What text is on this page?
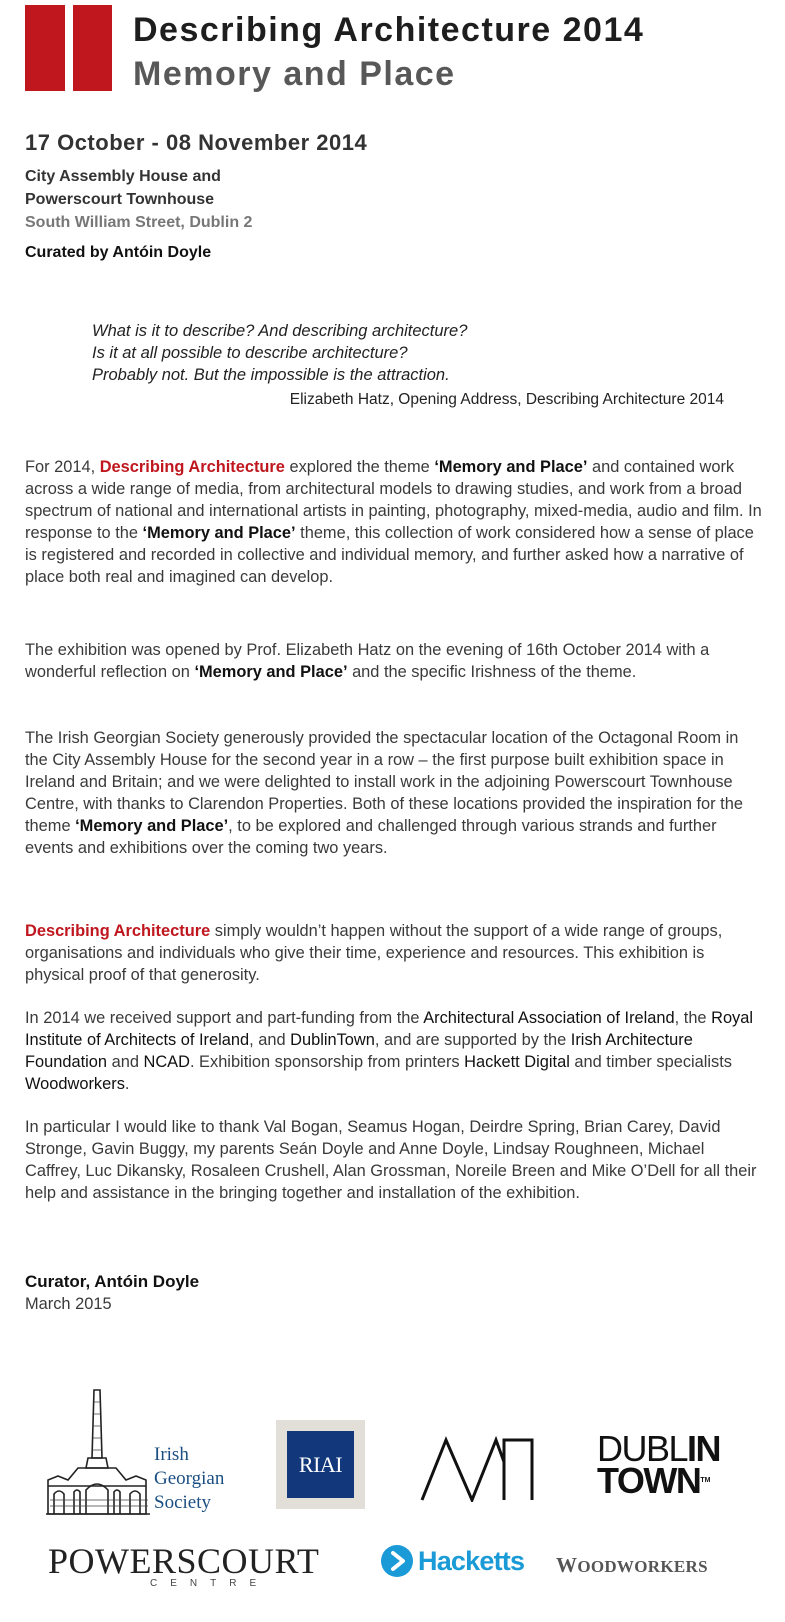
Describing Architecture 2014
Memory and Place
17 October - 08 November 2014
City Assembly House and
Powerscourt Townhouse
South William Street, Dublin 2
Curated by Antóin Doyle
What is it to describe? And describing architecture?
Is it at all possible to describe architecture?
Probably not. But the impossible is the attraction.
Elizabeth Hatz, Opening Address, Describing Architecture 2014

For 2014, Describing Architecture explored the theme ‘Memory and Place’ and contained work across a wide range of media, from architectural models to drawing studies, and work from a broad spectrum of national and international artists in painting, photography, mixed-media, audio and film. In response to the ‘Memory and Place’ theme, this collection of work considered how a sense of place is registered and recorded in collective and individual memory, and further asked how a narrative of place both real and imagined can develop.

The exhibition was opened by Prof. Elizabeth Hatz on the evening of 16th October 2014 with a wonderful reflection on ‘Memory and Place’ and the specific Irishness of the theme.

The Irish Georgian Society generously provided the spectacular location of the Octagonal Room in the City Assembly House for the second year in a row – the first purpose built exhibition space in Ireland and Britain; and we were delighted to install work in the adjoining Powerscourt Townhouse Centre, with thanks to Clarendon Properties. Both of these locations provided the inspiration for the theme ‘Memory and Place’, to be explored and challenged through various strands and further events and exhibitions over the coming two years.

Describing Architecture simply wouldn’t happen without the support of a wide range of groups, organisations and individuals who give their time, experience and resources. This exhibition is physical proof of that generosity.

In 2014 we received support and part-funding from the Architectural Association of Ireland, the Royal Institute of Architects of Ireland, and DublinTown, and are supported by the Irish Architecture Foundation and NCAD. Exhibition sponsorship from printers Hackett Digital and timber specialists Woodworkers.

In particular I would like to thank Val Bogan, Seamus Hogan, Deirdre Spring, Brian Carey, David Stronge, Gavin Buggy, my parents Seán Doyle and Anne Doyle, Lindsay Roughneen, Michael Caffrey, Luc Dikansky, Rosaleen Crushell, Alan Grossman, Noreile Breen and Mike O’Dell for all their help and assistance in the bringing together and installation of the exhibition.

Curator, Antóin Doyle
March 2015
Irish
Georgian
Society
RIAI	DUBLIN
TOWNTM
POWERSCOURT
CENTRE
Hacketts WOODWORKERS
